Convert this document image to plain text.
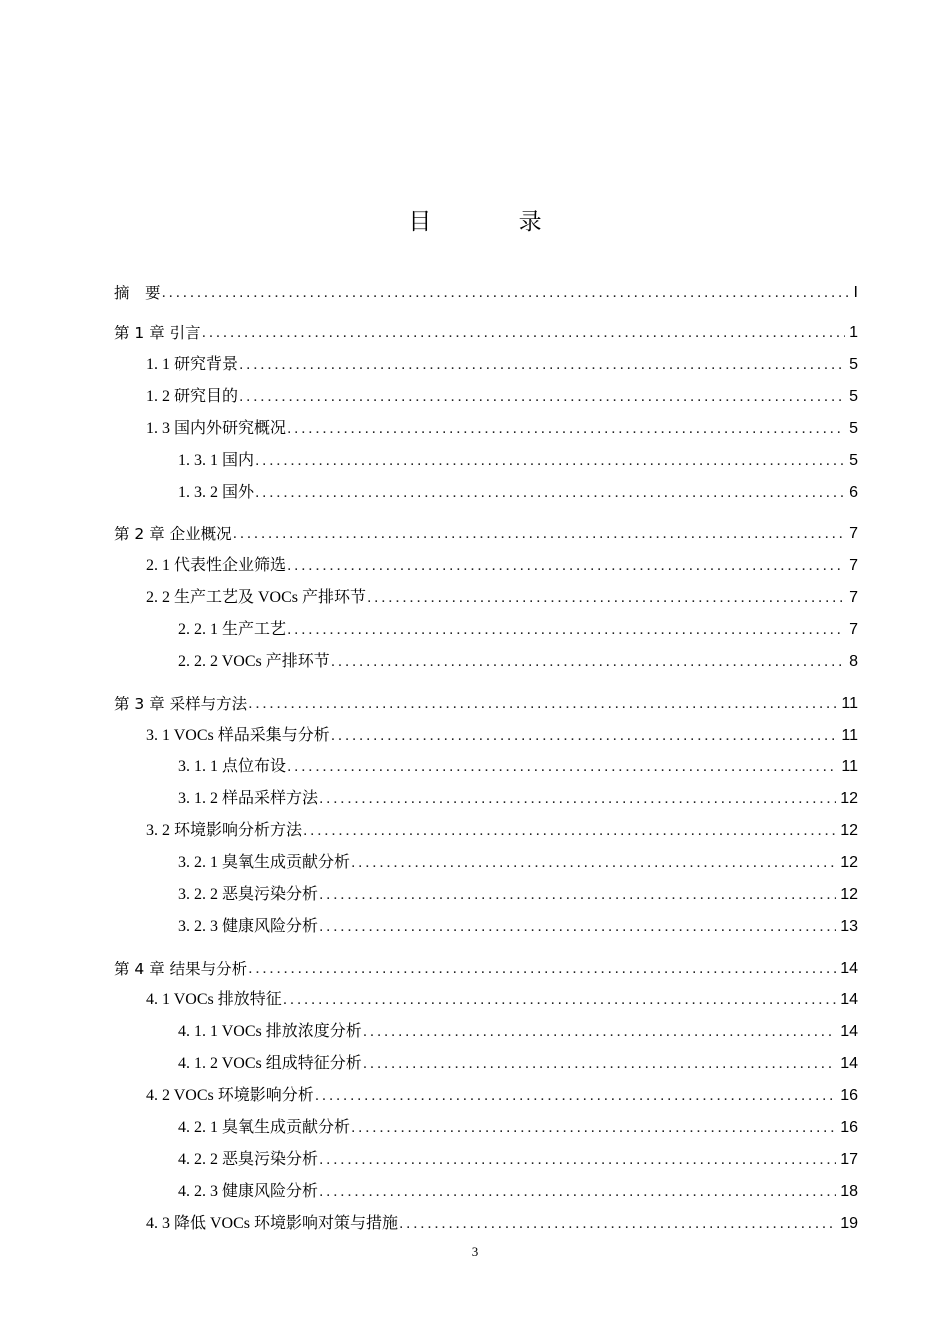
目 录
摘　要 .....	I
第 1 章 引言 .....	1
1. 1 研究背景 .....	5
1. 2 研究目的 .....	5
1. 3 国内外研究概况 .....	5
1. 3. 1 国内 .....	5
1. 3. 2 国外 .....	6
第 2 章 企业概况 .....	7
2. 1 代表性企业筛选 .....	7
2. 2 生产工艺及 VOCs 产排环节 .....	7
2. 2. 1 生产工艺 .....	7
2. 2. 2 VOCs 产排环节 .....	8
第 3 章 采样与方法 .....	11
3. 1 VOCs 样品采集与分析 .....	11
3. 1. 1 点位布设 .....	11
3. 1. 2 样品采样方法 .....	12
3. 2 环境影响分析方法 .....	12
3. 2. 1 臭氧生成贡献分析 .....	12
3. 2. 2 恶臭污染分析 .....	12
3. 2. 3 健康风险分析 .....	13
第 4 章 结果与分析 .....	14
4. 1 VOCs 排放特征 .....	14
4. 1. 1 VOCs 排放浓度分析 .....	14
4. 1. 2 VOCs 组成特征分析 .....	14
4. 2 VOCs 环境影响分析 .....	16
4. 2. 1 臭氧生成贡献分析 .....	16
4. 2. 2 恶臭污染分析 .....	17
4. 2. 3 健康风险分析 .....	18
4. 3 降低 VOCs 环境影响对策与措施 .....	19
3
